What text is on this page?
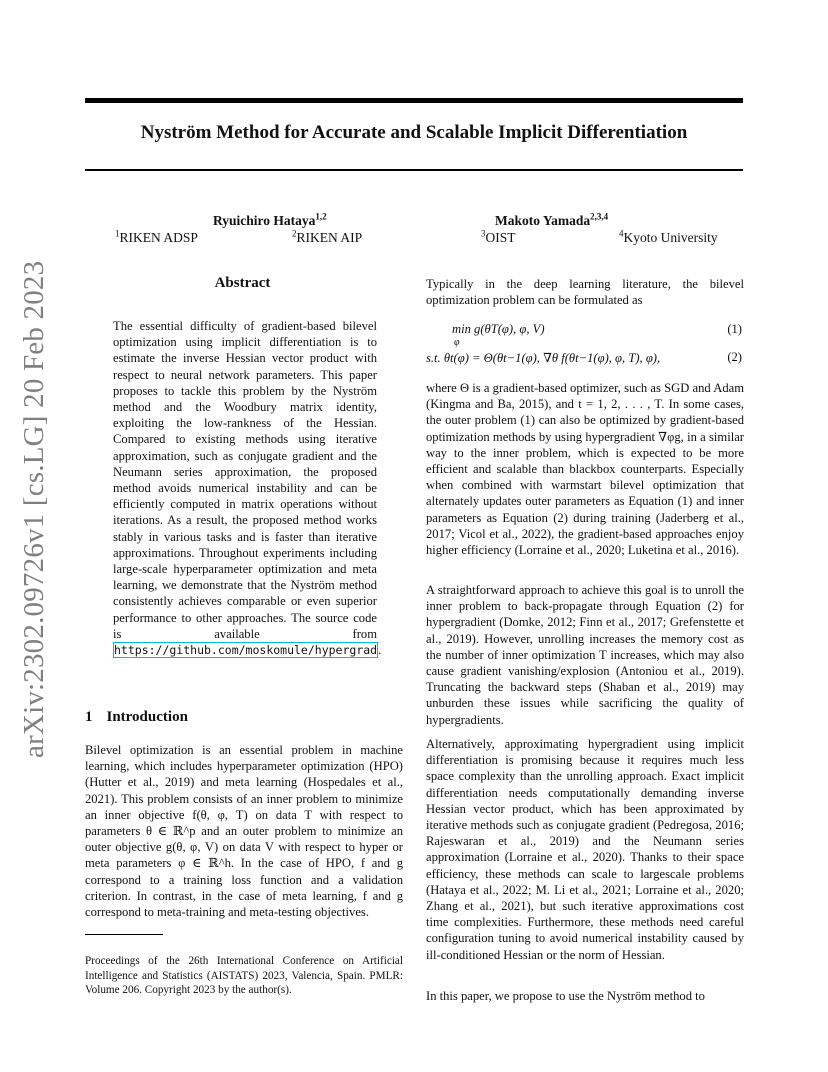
arXiv:2302.09726v1 [cs.LG] 20 Feb 2023
Nyström Method for Accurate and Scalable Implicit Differentiation
Ryuichiro Hataya$^{1,2}$	Makoto Yamada$^{2,3,4}$
$^1$RIKEN ADSP	$^2$RIKEN AIP	$^3$OIST	$^4$Kyoto University
Abstract

The essential difficulty of gradient-based bilevel optimization using implicit differentiation is to estimate the inverse Hessian vector product with respect to neural network parameters. This paper proposes to tackle this problem by the Nyström method and the Woodbury matrix identity, exploiting the low-rankness of the Hessian. Compared to existing methods using iterative approximation, such as conjugate gradient and the Neumann series approximation, the proposed method avoids numerical instability and can be efficiently computed in matrix operations without iterations. As a result, the proposed method works stably in various tasks and is faster than iterative approximations. Throughout experiments including large-scale hyperparameter optimization and meta learning, we demonstrate that the Nyström method consistently achieves comparable or even superior performance to other approaches. The source code is available from https://github.com/moskomule/hypergrad.

1 Introduction
Bilevel optimization is an essential problem in machine learning, which includes hyperparameter optimization (HPO) (Hutter et al., 2019) and meta learning (Hospedales et al., 2021). This problem consists of an inner problem to minimize an inner objective f(θ, φ, T) on data T with respect to parameters θ ∈ ℝ^p and an outer problem to minimize an outer objective g(θ, φ, V) on data V with respect to hyper or meta parameters φ ∈ ℝ^h. In the case of HPO, f and g correspond to a training loss function and a validation criterion. In contrast, in the case of meta learning, f and g correspond to meta-training and meta-testing objectives.
Proceedings of the 26th International Conference on Artificial Intelligence and Statistics (AISTATS) 2023, Valencia, Spain. PMLR: Volume 206. Copyright 2023 by the author(s).
Typically in the deep learning literature, the bilevel optimization problem can be formulated as
min g(θT(φ), φ, V)
φ
(1)
s.t. θt(φ) = Θ(θt−1(φ), ∇θ f(θt−1(φ), φ, T), φ),	(2)
where Θ is a gradient-based optimizer, such as SGD and Adam (Kingma and Ba, 2015), and t = 1, 2, . . . , T. In some cases, the outer problem (1) can also be optimized by gradient-based optimization methods by using hypergradient ∇φg, in a similar way to the inner problem, which is expected to be more efficient and scalable than blackbox counterparts. Especially when combined with warmstart bilevel optimization that alternately updates outer parameters as Equation (1) and inner parameters as Equation (2) during training (Jaderberg et al., 2017; Vicol et al., 2022), the gradient-based approaches enjoy higher efficiency (Lorraine et al., 2020; Luketina et al., 2016).
A straightforward approach to achieve this goal is to unroll the inner problem to back-propagate through Equation (2) for hypergradient (Domke, 2012; Finn et al., 2017; Grefenstette et al., 2019). However, unrolling increases the memory cost as the number of inner optimization T increases, which may also cause gradient vanishing/explosion (Antoniou et al., 2019). Truncating the backward steps (Shaban et al., 2019) may unburden these issues while sacrificing the quality of hypergradients.
Alternatively, approximating hypergradient using implicit differentiation is promising because it requires much less space complexity than the unrolling approach. Exact implicit differentiation needs computationally demanding inverse Hessian vector product, which has been approximated by iterative methods such as conjugate gradient (Pedregosa, 2016; Rajeswaran et al., 2019) and the Neumann series approximation (Lorraine et al., 2020). Thanks to their space efficiency, these methods can scale to largescale problems (Hataya et al., 2022; M. Li et al., 2021; Lorraine et al., 2020; Zhang et al., 2021), but such iterative approximations cost time complexities. Furthermore, these methods need careful configuration tuning to avoid numerical instability caused by ill-conditioned Hessian or the norm of Hessian.
In this paper, we propose to use the Nyström method to
